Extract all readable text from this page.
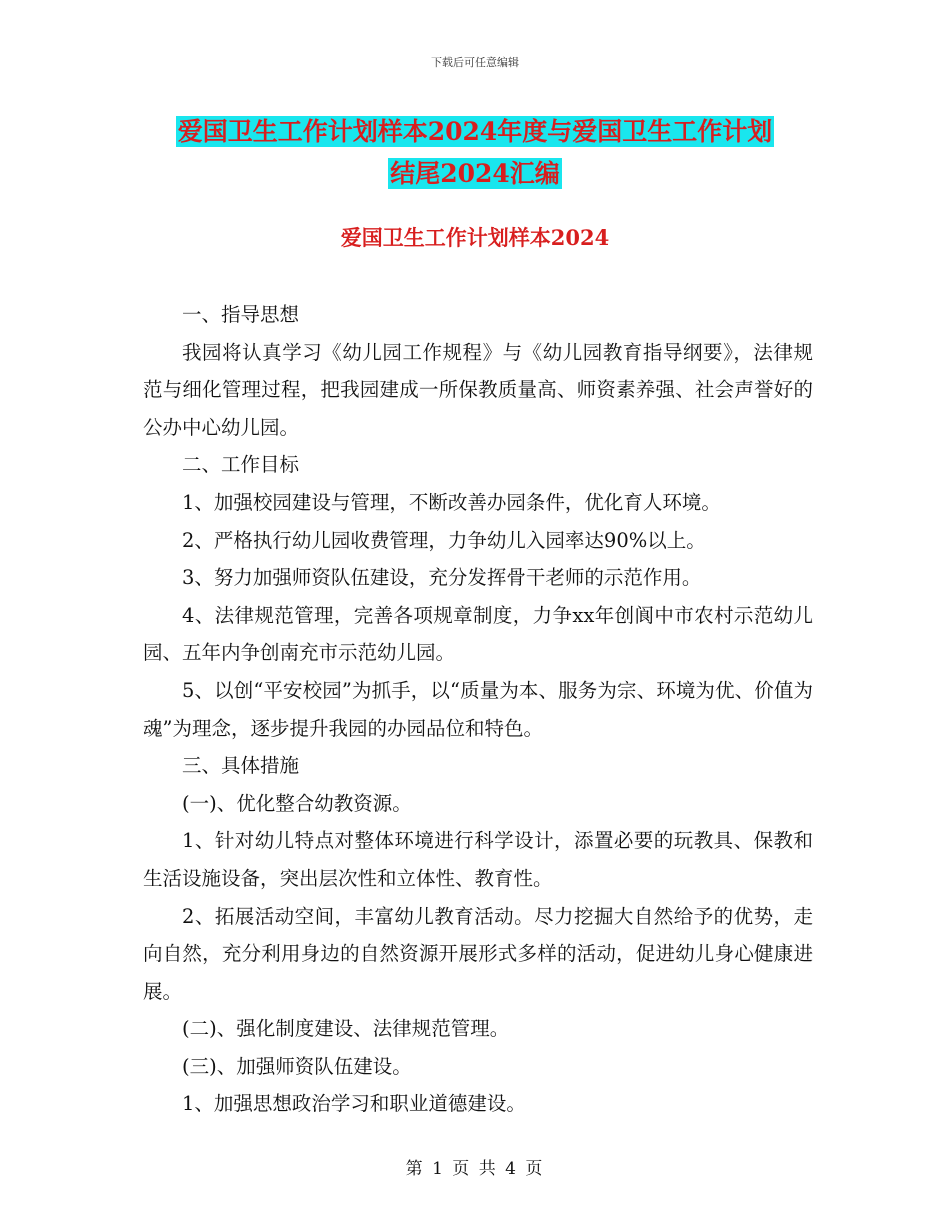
下载后可任意编辑
爱国卫生工作计划样本2024年度与爱国卫生工作计划
结尾2024汇编
爱国卫生工作计划样本2024

一、指导思想

我园将认真学习《幼儿园工作规程》与《幼儿园教育指导纲要》，法律规范与细化管理过程，把我园建成一所保教质量高、师资素养强、社会声誉好的公办中心幼儿园。

二、工作目标

1、加强校园建设与管理，不断改善办园条件，优化育人环境。

2、严格执行幼儿园收费管理，力争幼儿入园率达90%以上。

3、努力加强师资队伍建设，充分发挥骨干老师的示范作用。

4、法律规范管理，完善各项规章制度，力争xx年创阆中市农村示范幼儿园、五年内争创南充市示范幼儿园。

5、以创“平安校园”为抓手，以“质量为本、服务为宗、环境为优、价值为魂”为理念，逐步提升我园的办园品位和特色。

三、具体措施

(一)、优化整合幼教资源。

1、针对幼儿特点对整体环境进行科学设计，添置必要的玩教具、保教和生活设施设备，突出层次性和立体性、教育性。

2、拓展活动空间，丰富幼儿教育活动。尽力挖掘大自然给予的优势，走向自然，充分利用身边的自然资源开展形式多样的活动，促进幼儿身心健康进展。

(二)、强化制度建设、法律规范管理。

(三)、加强师资队伍建设。

1、加强思想政治学习和职业道德建设。

第 1 页 共 4 页
